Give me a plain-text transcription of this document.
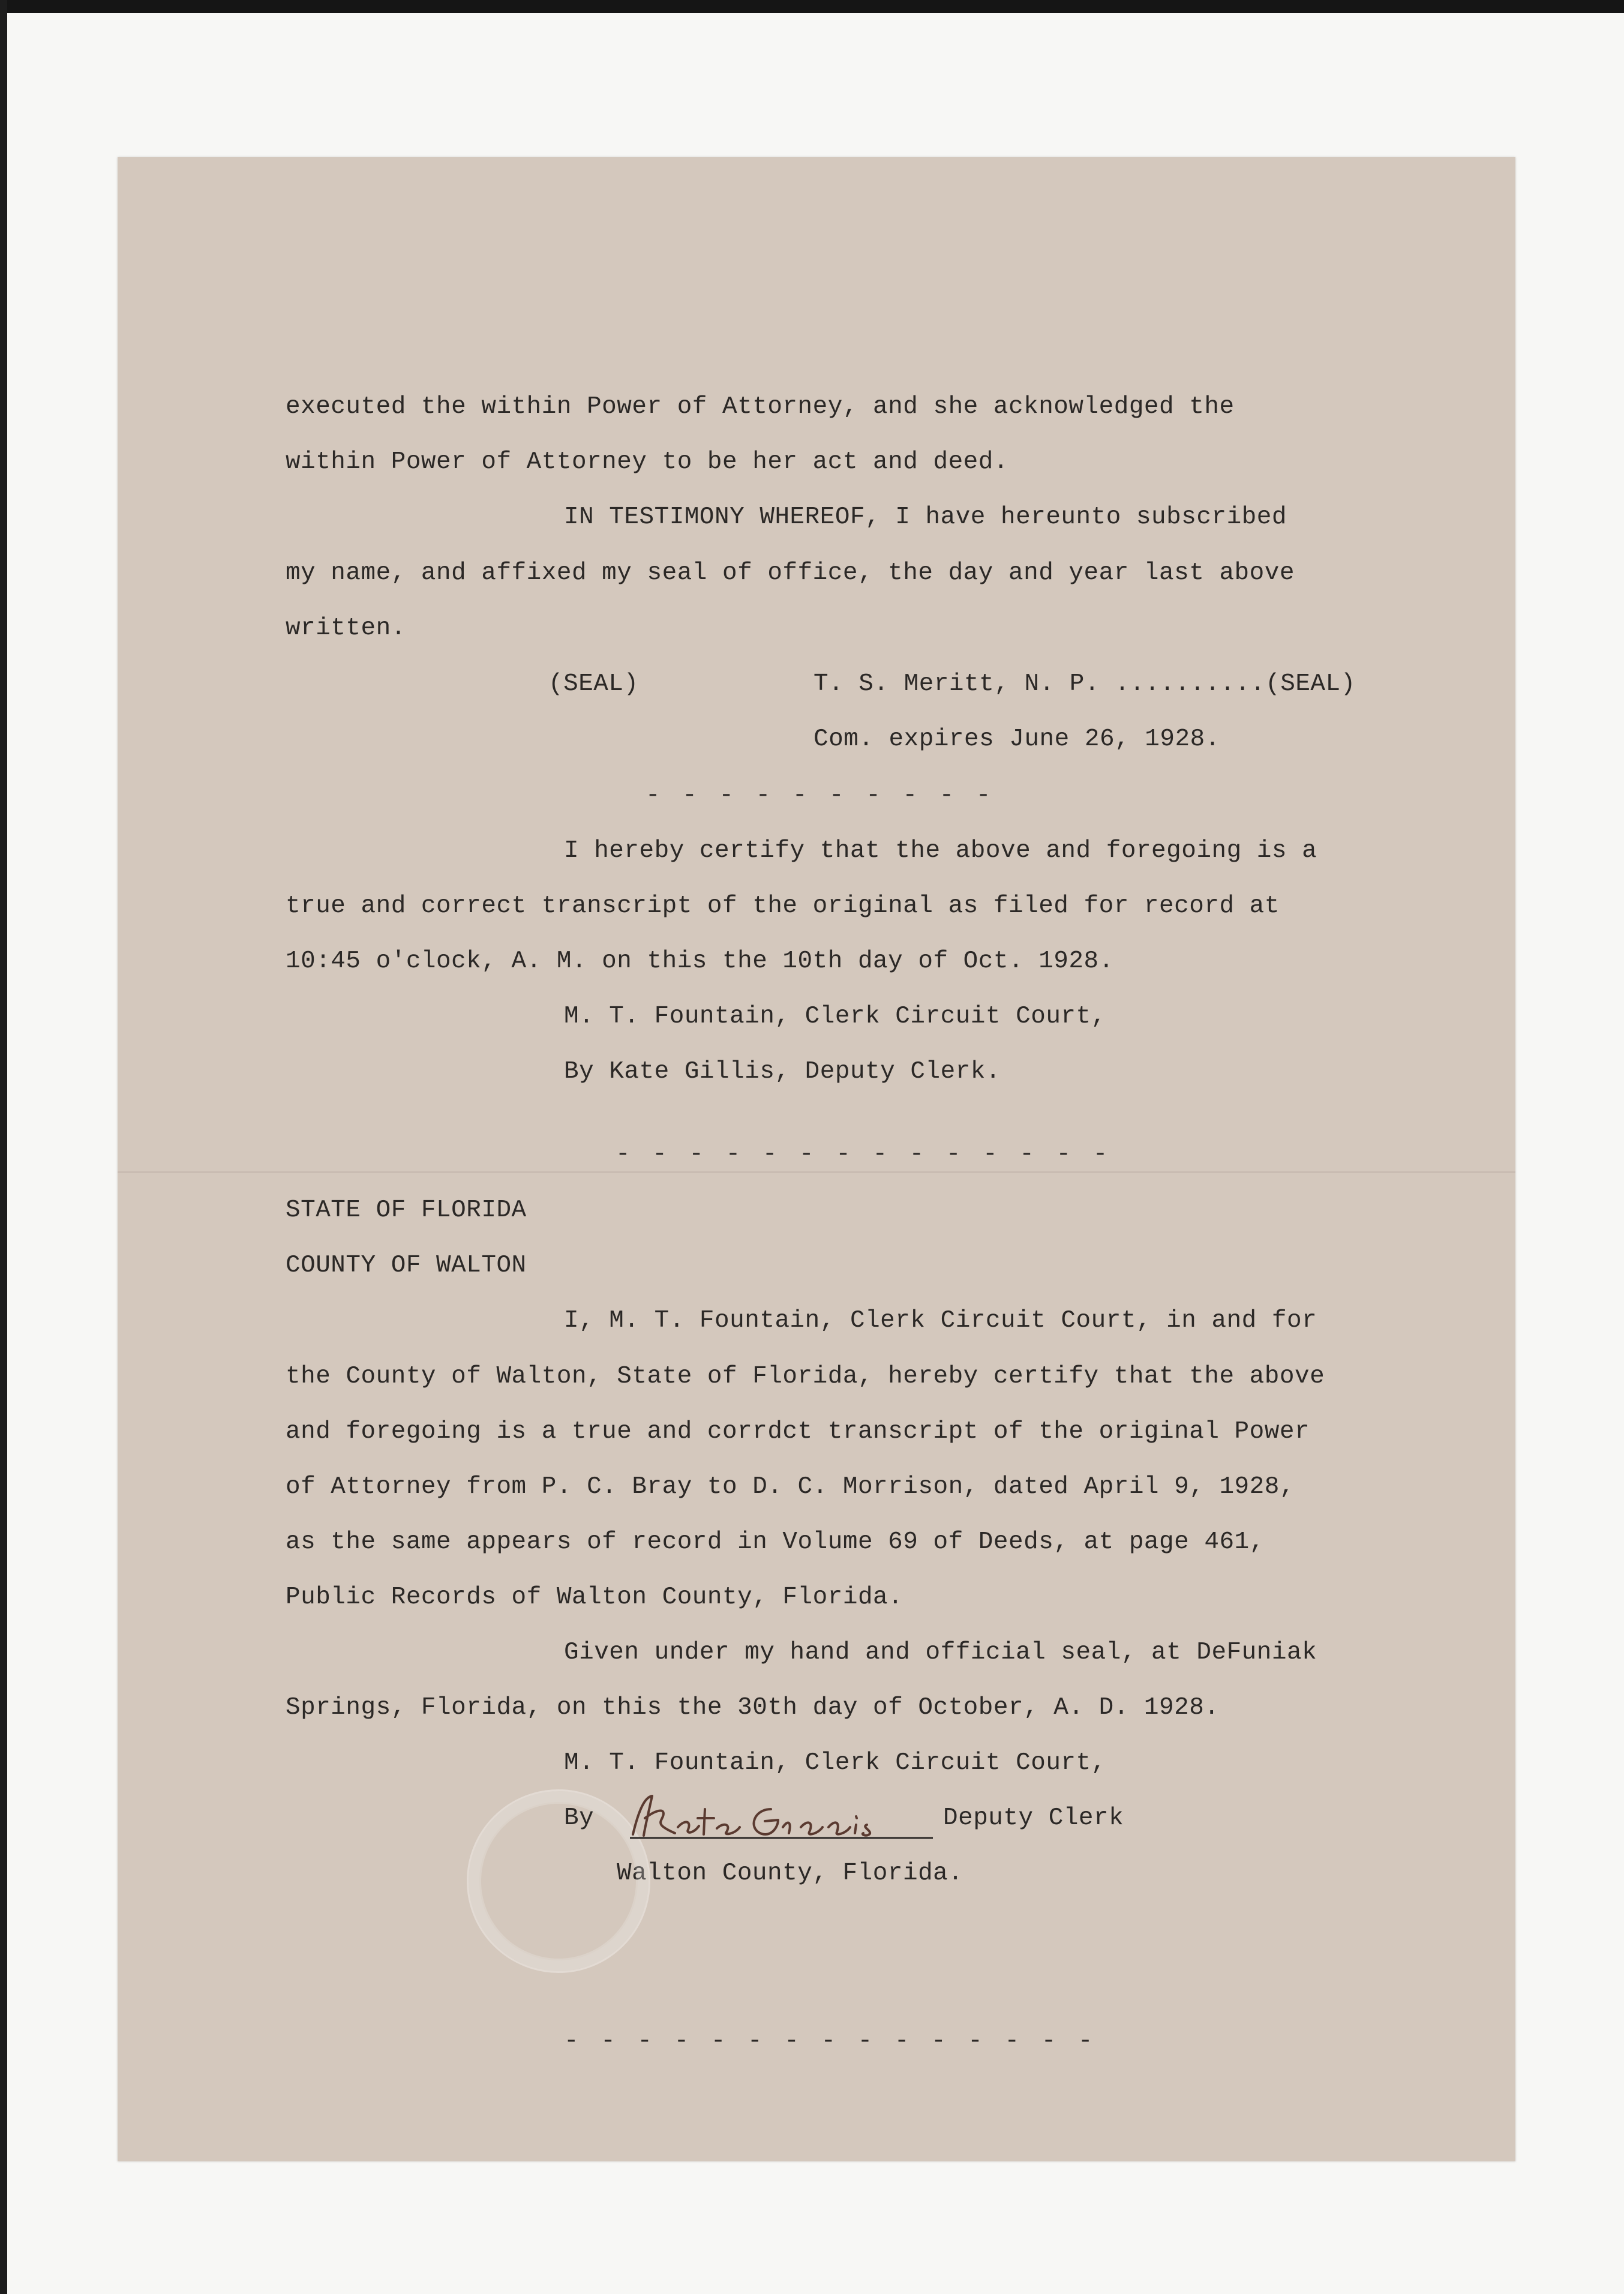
executed the within Power of Attorney, and she acknowledged the

within Power of Attorney to be her act and deed.

IN TESTIMONY WHEREOF, I have hereunto subscribed

my name, and affixed my seal of office, the day and year last above

written.

(SEAL)	T. S. Meritt, N. P. ..........(SEAL)

Com. expires June 26, 1928.

- - - - - - - - - -

I hereby certify that the above and foregoing is a

true and correct transcript of the original as filed for record at

10:45 o'clock, A. M. on this the 10th day of Oct. 1928.

M. T. Fountain, Clerk Circuit Court,

By Kate Gillis, Deputy Clerk.

- - - - - - - - - - - - - -

STATE OF FLORIDA

COUNTY OF WALTON

I, M. T. Fountain, Clerk Circuit Court, in and for

the County of Walton, State of Florida, hereby certify that the above

and foregoing is a true and corrdct transcript of the original Power

of Attorney from P. C. Bray to D. C. Morrison, dated April 9, 1928,

as the same appears of record in Volume 69 of Deeds, at page 461,

Public Records of Walton County, Florida.

Given under my hand and official seal, at DeFuniak

Springs, Florida, on this the 30th day of October, A. D. 1928.

M. T. Fountain, Clerk Circuit Court,

By	Deputy Clerk

Walton County, Florida.

- - - - - - - - - - - - - - -
